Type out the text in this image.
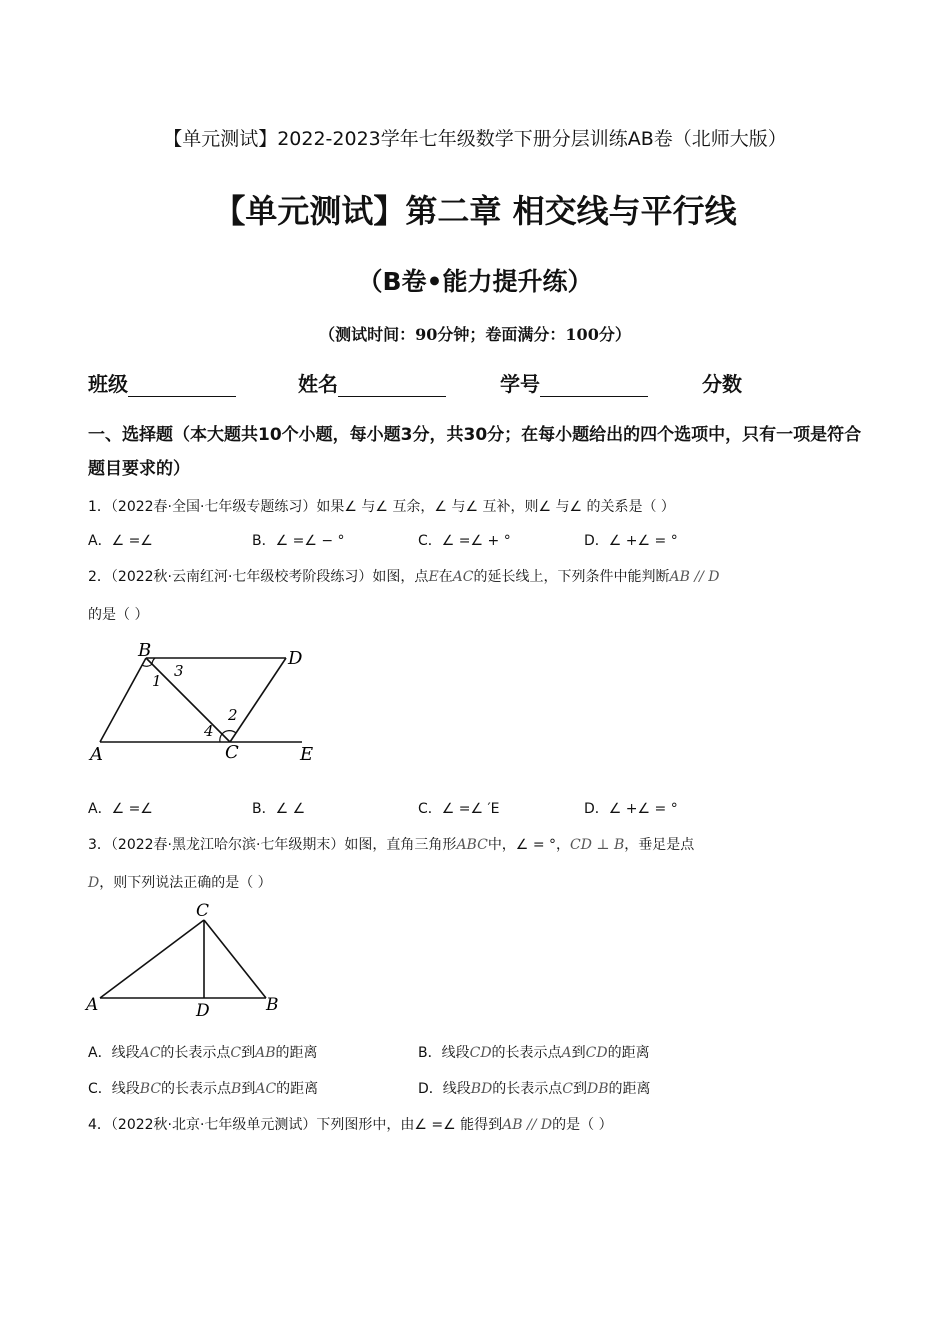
【单元测试】2022-2023学年七年级数学下册分层训练AB卷（北师大版）
【单元测试】第二章 相交线与平行线
（B卷•能力提升练）
（测试时间：90分钟；卷面满分：100分）
班级	姓名	学号	分数
一、选择题（本大题共10个小题，每小题3分，共30分；在每小题给出的四个选项中，只有一项是符合题目要求的）
1．（2022春·全国·七年级专题练习）如果∠ 与∠ 互余，∠ 与∠ 互补，则∠ 与∠ 的关系是（ ）
A．∠ =∠	B．∠ =∠ − °	C．∠ =∠ + °	D．∠ +∠ = °
2．（2022秋·云南红河·七年级校考阶段练习）如图，点E在AC的延长线上，下列条件中能判断AB // D
的是（ ）
B	D
A	C	E
1
3
2
4
A．∠ =∠	B．∠ ∠	C．∠ =∠ ′E	D．∠ +∠ = °
3．（2022春·黑龙江哈尔滨·七年级期末）如图，直角三角形ABC中，∠ = °，CD ⊥ B，垂足是点
D，则下列说法正确的是（ ）
C
A	D	B
A．线段AC的长表示点C到AB的距离	B．线段CD的长表示点A到CD的距离
C．线段BC的长表示点B到AC的距离	D．线段BD的长表示点C到DB的距离
4．（2022秋·北京·七年级单元测试）下列图形中，由∠ =∠ 能得到AB // D的是（ ）
